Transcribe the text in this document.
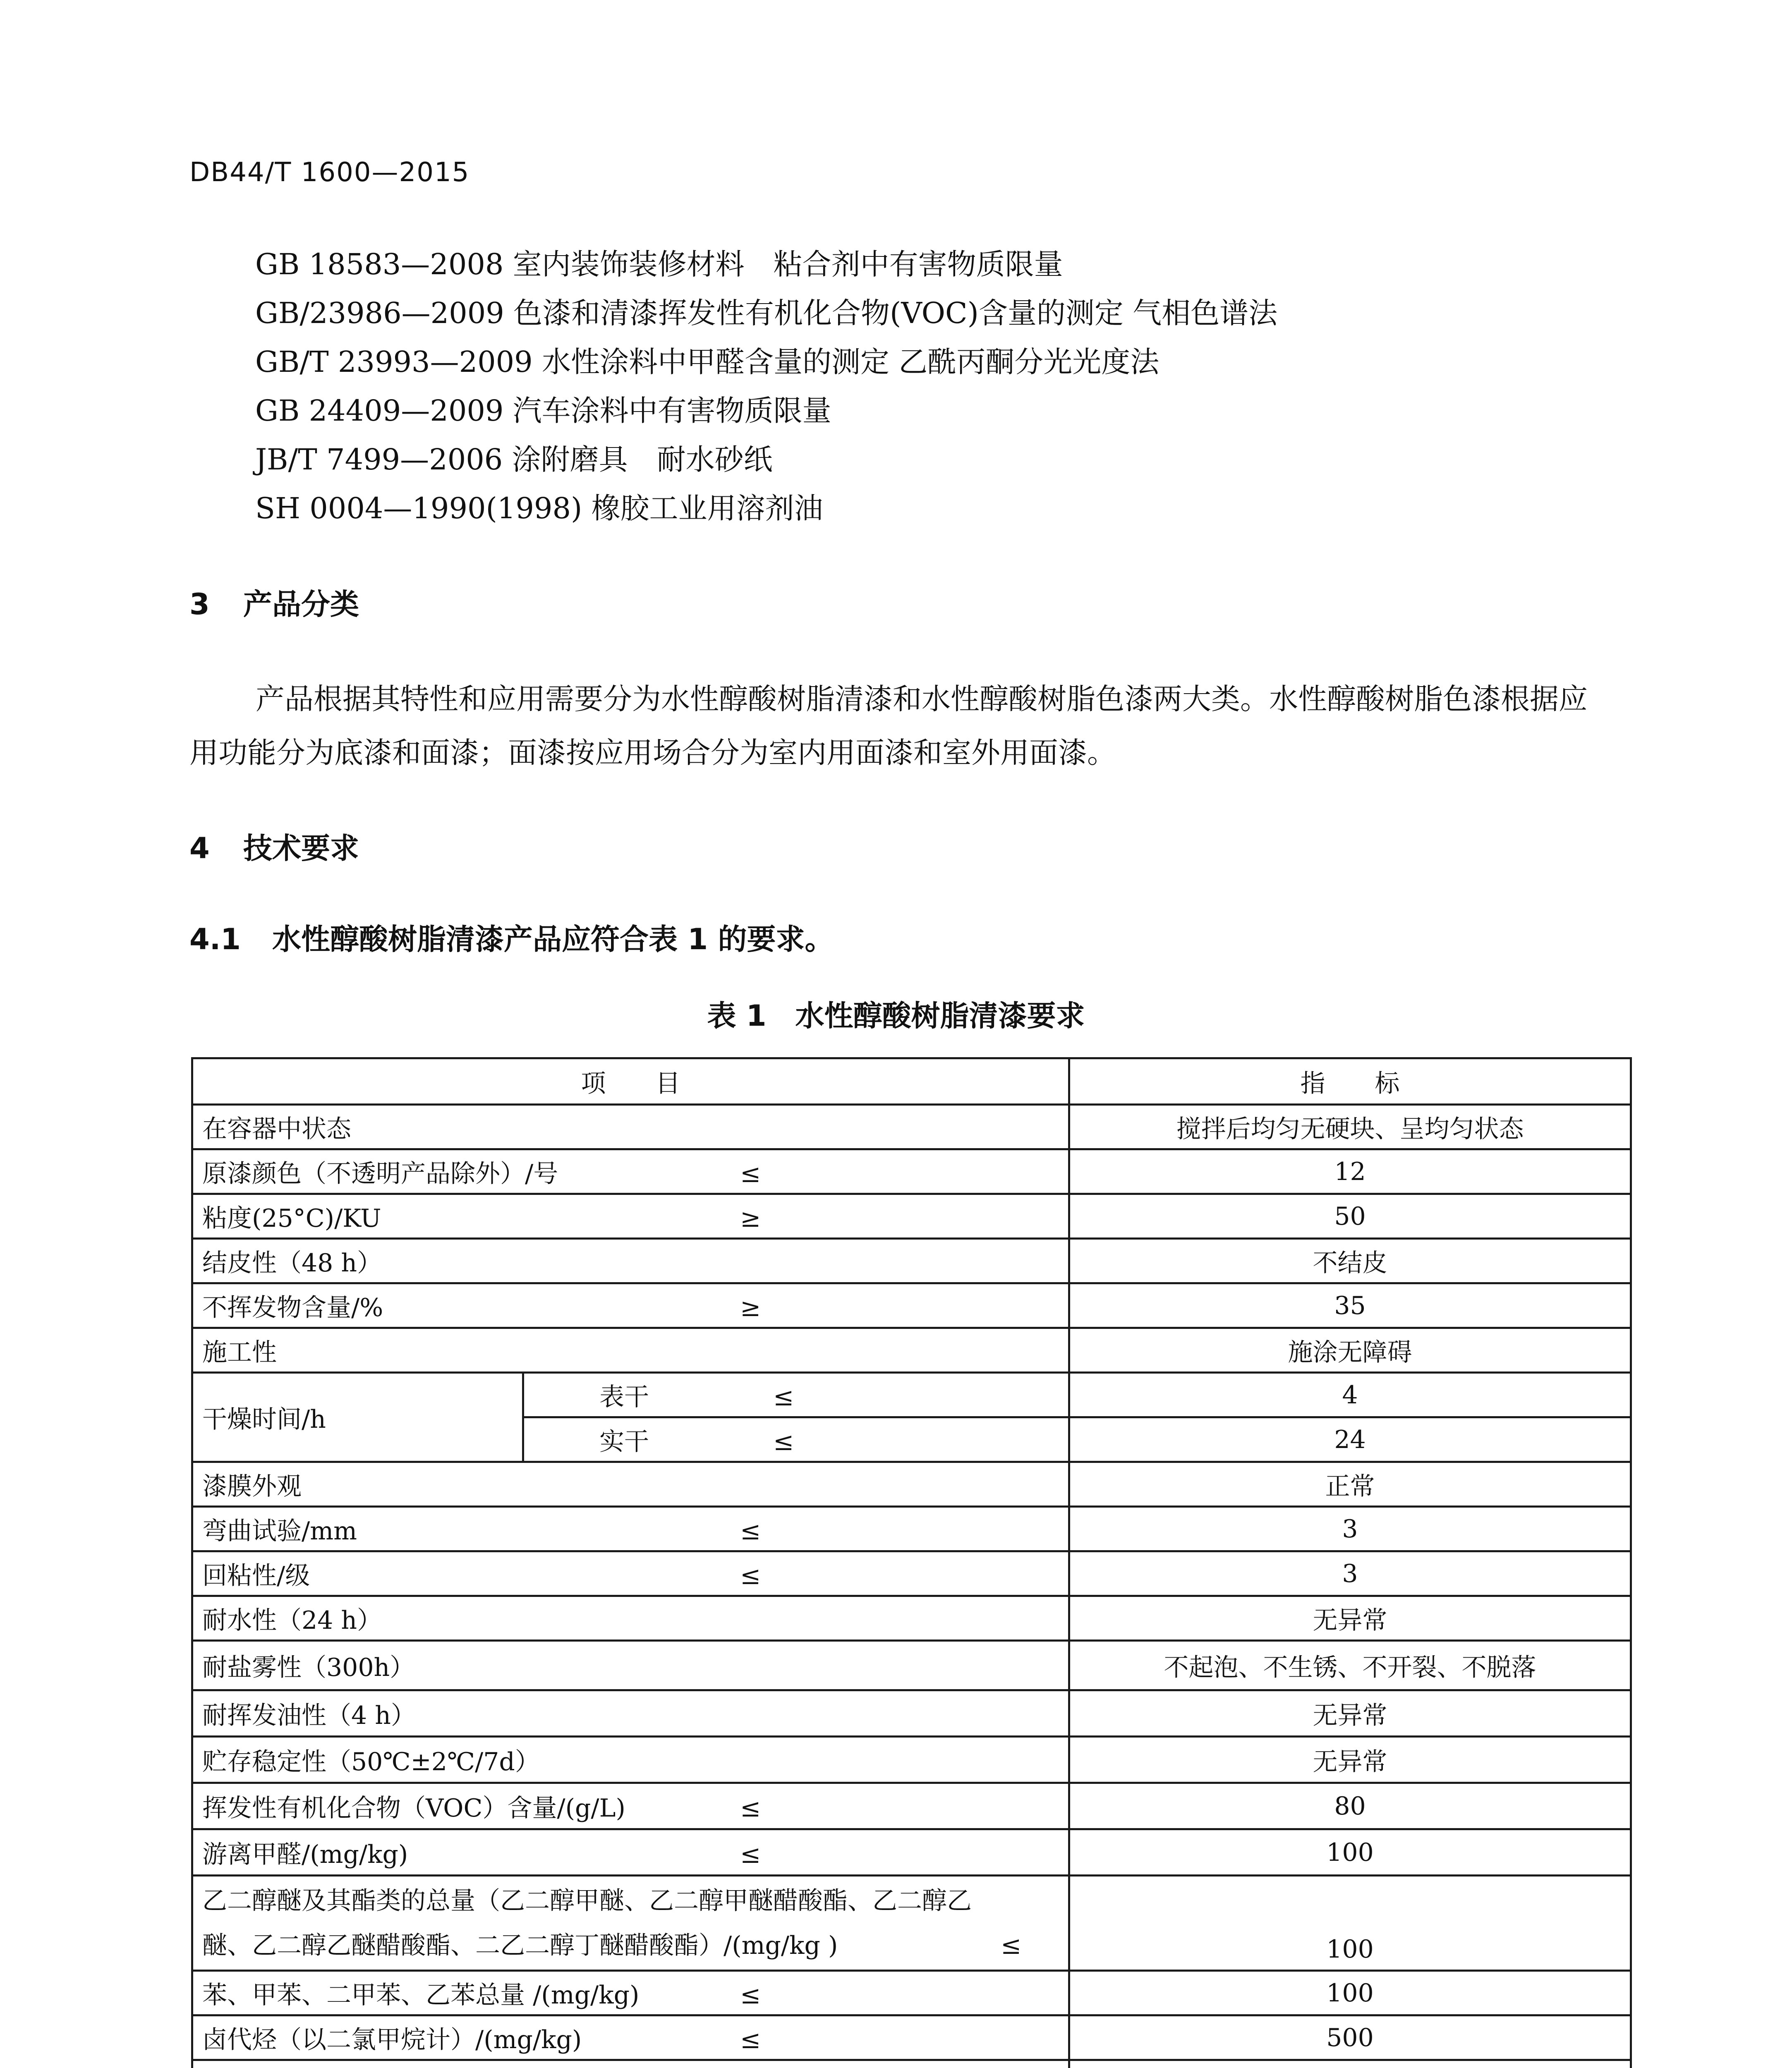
DB44/T 1600—2015
GB 18583—2008 室内装饰装修材料　粘合剂中有害物质限量
GB/23986—2009 色漆和清漆挥发性有机化合物(VOC)含量的测定 气相色谱法
GB/T 23993—2009 水性涂料中甲醛含量的测定 乙酰丙酮分光光度法
GB 24409—2009 汽车涂料中有害物质限量
JB/T 7499—2006 涂附磨具　耐水砂纸
SH 0004—1990(1998) 橡胶工业用溶剂油
3 产品分类
产品根据其特性和应用需要分为水性醇酸树脂清漆和水性醇酸树脂色漆两大类。水性醇酸树脂色漆根据应用功能分为底漆和面漆；面漆按应用场合分为室内用面漆和室外用面漆。
4 技术要求
4.1 水性醇酸树脂清漆产品应符合表 1 的要求。
表 1　水性醇酸树脂清漆要求
项　　目		指　　标
在容器中状态		搅拌后均匀无硬块、呈均匀状态
原漆颜色（不透明产品除外）/号 ≤		12
粘度(25°C)/KU ≥		50
结皮性（48 h）		不结皮
不挥发物含量/% ≥		35
施工性		施涂无障碍
干燥时间/h	表干 ≤	4
	实干 ≤	24
漆膜外观		正常
弯曲试验/mm ≤		3
回粘性/级 ≤		3
耐水性（24 h）		无异常
耐盐雾性（300h）		不起泡、不生锈、不开裂、不脱落
耐挥发油性（4 h）		无异常
贮存稳定性（50℃±2℃/7d）		无异常
挥发性有机化合物（VOC）含量/(g/L) ≤		80
游离甲醛/(mg/kg) ≤		100

乙二醇醚及其酯类的总量（乙二醇甲醚、乙二醇甲醚醋酸酯、乙二醇乙
醚、乙二醇乙醚醋酸酯、二乙二醇丁醚醋酸酯）/(mg/kg ) ≤		100
苯、甲苯、二甲苯、乙苯总量 /(mg/kg) ≤		100
卤代烃（以二氯甲烷计）/(mg/kg) ≤		500
